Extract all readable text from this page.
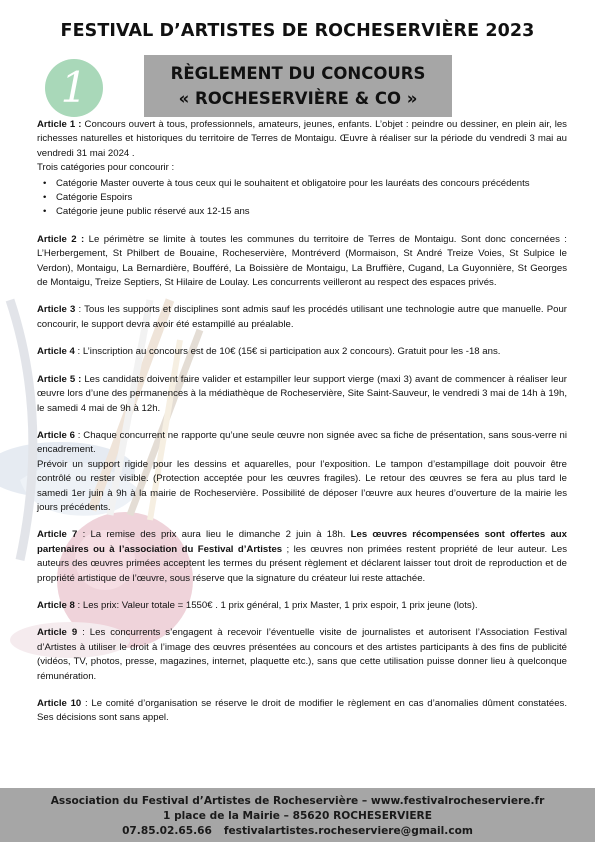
FESTIVAL D’ARTISTES DE ROCHESERVIÈRE 2023
1	RÈGLEMENT DU CONCOURS
« ROCHESERVIÈRE & CO »
Article 1 : Concours ouvert à tous, professionnels, amateurs, jeunes, enfants. L’objet : peindre ou dessiner, en plein air, les richesses naturelles et historiques du territoire de Terres de Montaigu. Œuvre à réaliser sur la période du vendredi 3 mai au vendredi 31 mai 2024 .
Trois catégories pour concourir :
• Catégorie Master ouverte à tous ceux qui le souhaitent et obligatoire pour les lauréats des concours précédents
• Catégorie Espoirs
• Catégorie jeune public réservé aux 12-15 ans
Article 2 : Le périmètre se limite à toutes les communes du territoire de Terres de Montaigu. Sont donc concernées : L’Herbergement, St Philbert de Bouaine, Rocheservière, Montréverd (Mormaison, St André Treize Voies, St Sulpice le Verdon), Montaigu, La Bernardière, Boufféré, La Boissière de Montaigu, La Bruffière, Cugand, La Guyonnière, St Georges de Montaigu, Treize Septiers, St Hilaire de Loulay. Les concurrents veilleront au respect des espaces privés.
Article 3 : Tous les supports et disciplines sont admis sauf les procédés utilisant une technologie autre que manuelle. Pour concourir, le support devra avoir été estampillé au préalable.
Article 4 : L’inscription au concours est de 10€ (15€ si participation aux 2 concours). Gratuit pour les -18 ans.
Article 5 : Les candidats doivent faire valider et estampiller leur support vierge (maxi 3) avant de commencer à réaliser leur œuvre lors d’une des permanences à la médiathèque de Rocheservière, Site Saint-Sauveur, le vendredi 3 mai de 14h à 19h, le samedi 4 mai de 9h à 12h.
Article 6 : Chaque concurrent ne rapporte qu’une seule œuvre non signée avec sa fiche de présentation, sans sous-verre ni encadrement.
Prévoir un support rigide pour les dessins et aquarelles, pour l’exposition. Le tampon d’estampillage doit pouvoir être contrôlé ou rester visible. (Protection acceptée pour les œuvres fragiles). Le retour des œuvres se fera au plus tard le samedi 1er juin à 9h à la mairie de Rocheservière. Possibilité de déposer l’œuvre aux heures d’ouverture de la mairie les jours précédents.
Article 7 : La remise des prix aura lieu le dimanche 2 juin à 18h. Les œuvres récompensées sont offertes aux partenaires ou à l’association du Festival d’Artistes ; les œuvres non primées restent propriété de leur auteur. Les auteurs des œuvres primées acceptent les termes du présent règlement et déclarent laisser tout droit de reproduction et de propriété artistique de l’œuvre, sous réserve que la signature du créateur lui reste attachée.
Article 8 : Les prix: Valeur totale = 1550€ . 1 prix général, 1 prix Master, 1 prix espoir, 1 prix jeune (lots).
Article 9 : Les concurrents s’engagent à recevoir l’éventuelle visite de journalistes et autorisent l’Association Festival d’Artistes à utiliser le droit à l’image des œuvres présentées au concours et des artistes participants à des fins de publicité (vidéos, TV, photos, presse, magazines, internet, plaquette etc.), sans que cette utilisation puisse donner lieu à quelconque rémunération.
Article 10 : Le comité d’organisation se réserve le droit de modifier le règlement en cas d’anomalies dûment constatées. Ses décisions sont sans appel.
Association du Festival d’Artistes de Rocheservière – www.festivalrocheserviere.fr
1 place de la Mairie – 85620 ROCHESERVIERE
07.85.02.65.66 festivalartistes.rocheserviere@gmail.com
